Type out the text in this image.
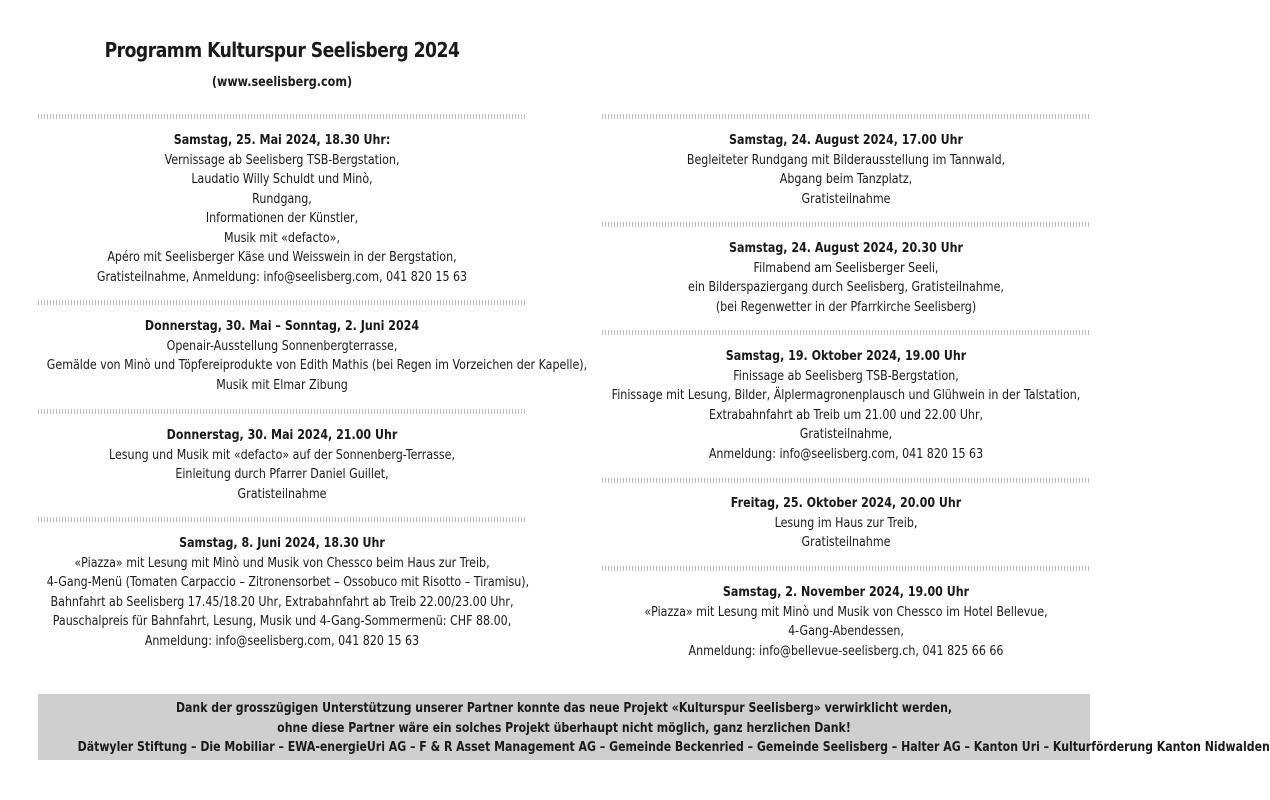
Programm Kulturspur Seelisberg 2024
(www.seelisberg.com)
Samstag, 25. Mai 2024, 18.30 Uhr:
Vernissage ab Seelisberg TSB-Bergstation,
Laudatio Willy Schuldt und Minò,
Rundgang,
Informationen der Künstler,
Musik mit «defacto»,
Apéro mit Seelisberger Käse und Weisswein in der Bergstation,
Gratisteilnahme, Anmeldung: info@seelisberg.com, 041 820 15 63
Donnerstag, 30. Mai – Sonntag, 2. Juni 2024
Openair-Ausstellung Sonnenbergterrasse,
Gemälde von Minò und Töpfereiprodukte von Edith Mathis (bei Regen im Vorzeichen der Kapelle),
Musik mit Elmar Zibung
Donnerstag, 30. Mai 2024, 21.00 Uhr
Lesung und Musik mit «defacto» auf der Sonnenberg-Terrasse,
Einleitung durch Pfarrer Daniel Guillet,
Gratisteilnahme
Samstag, 8. Juni 2024, 18.30 Uhr
«Piazza» mit Lesung mit Minò und Musik von Chessco beim Haus zur Treib,
4-Gang-Menü (Tomaten Carpaccio – Zitronensorbet – Ossobuco mit Risotto – Tiramisu),
Bahnfahrt ab Seelisberg 17.45/18.20 Uhr, Extrabahnfahrt ab Treib 22.00/23.00 Uhr,
Pauschalpreis für Bahnfahrt, Lesung, Musik und 4-Gang-Sommermenü: CHF 88.00,
Anmeldung: info@seelisberg.com, 041 820 15 63
Samstag, 24. August 2024, 17.00 Uhr
Begleiteter Rundgang mit Bilderausstellung im Tannwald,
Abgang beim Tanzplatz,
Gratisteilnahme
Samstag, 24. August 2024, 20.30 Uhr
Filmabend am Seelisberger Seeli,
ein Bilderspaziergang durch Seelisberg, Gratisteilnahme,
(bei Regenwetter in der Pfarrkirche Seelisberg)
Samstag, 19. Oktober 2024, 19.00 Uhr
Finissage ab Seelisberg TSB-Bergstation,
Finissage mit Lesung, Bilder, Älplermagronenplausch und Glühwein in der Talstation,
Extrabahnfahrt ab Treib um 21.00 und 22.00 Uhr,
Gratisteilnahme,
Anmeldung: info@seelisberg.com, 041 820 15 63
Freitag, 25. Oktober 2024, 20.00 Uhr
Lesung im Haus zur Treib,
Gratisteilnahme
Samstag, 2. November 2024, 19.00 Uhr
«Piazza» mit Lesung mit Minò und Musik von Chessco im Hotel Bellevue,
4-Gang-Abendessen,
Anmeldung: info@bellevue-seelisberg.ch, 041 825 66 66
Dank der grosszügigen Unterstützung unserer Partner konnte das neue Projekt «Kulturspur Seelisberg» verwirklicht werden,
ohne diese Partner wäre ein solches Projekt überhaupt nicht möglich, ganz herzlichen Dank!
Dätwyler Stiftung – Die Mobiliar – EWA-energieUri AG – F & R Asset Management AG – Gemeinde Beckenried – Gemeinde Seelisberg – Halter AG – Kanton Uri – Kulturförderung Kanton Nidwalden
